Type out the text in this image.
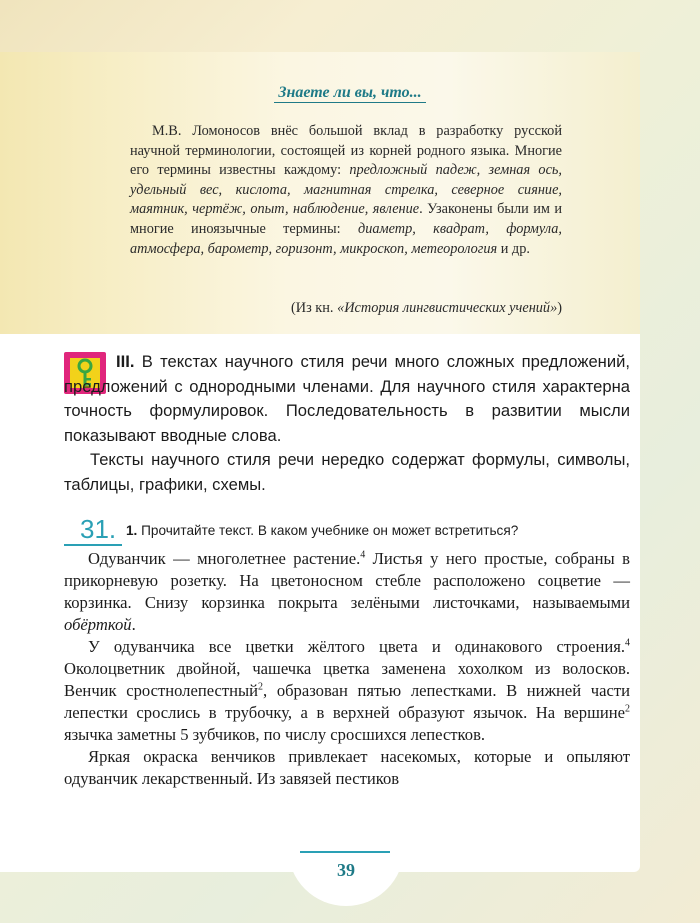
Знаете ли вы, что...

М.В. Ломоносов внёс большой вклад в разработку русской научной терминологии, состоящей из корней родного языка. Многие его термины известны каждому: предложный падеж, земная ось, удельный вес, кислота, магнитная стрелка, северное сияние, маятник, чертёж, опыт, наблюдение, явление. Узаконены были им и многие иноязычные термины: диаметр, квадрат, формула, атмосфера, барометр, горизонт, микроскоп, метеорология и др.

(Из кн. «История лингвистических учений»)

III. В текстах научного стиля речи много сложных предложений, предложений с однородными членами. Для научного стиля характерна точность формулировок. Последовательность в развитии мысли показывают вводные слова.

Тексты научного стиля речи нередко содержат формулы, символы, таблицы, графики, схемы.

31. 1. Прочитайте текст. В каком учебнике он может встретиться?

Одуванчик — многолетнее растение.$^4$ Листья у него простые, собраны в прикорневую розетку. На цветоносном стебле расположено соцветие — корзинка. Снизу корзинка покрыта зелёными листочками, называемыми обёрткой.

У одуванчика все цветки жёлтого цвета и одинакового строения.$^4$ Околоцветник двойной, чашечка цветка заменена хохолком из волосков. Венчик сростнолепестный$^2$, образован пятью лепестками. В нижней части лепестки срослись в трубочку, а в верхней образуют язычок. На вершине$^2$ язычка заметны 5 зубчиков, по числу сросшихся лепестков.

Яркая окраска венчиков привлекает насекомых, которые и опыляют одуванчик лекарственный. Из завязей пестиков

39
